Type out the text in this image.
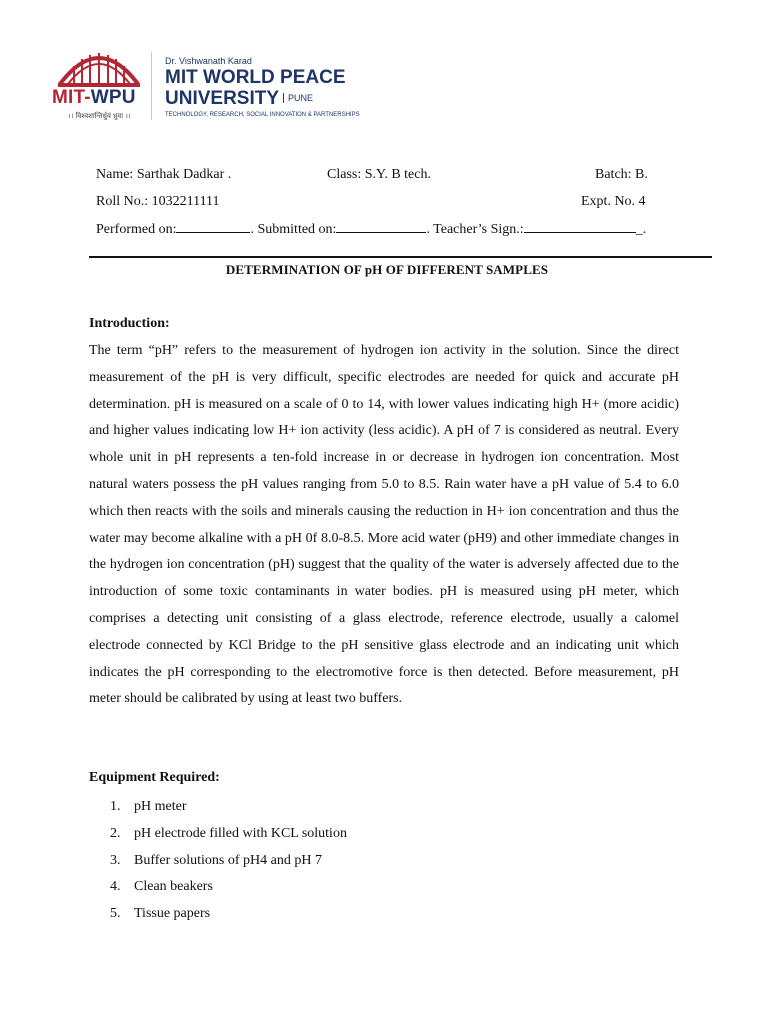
MIT-WPU
।। विश्वशान्तिर्ध्रुवं ध्रुवा ।।
Dr. Vishwanath Karad
MIT WORLD PEACE
UNIVERSITY PUNE
TECHNOLOGY, RESEARCH, SOCIAL INNOVATION & PARTNERSHIPS
Name: Sarthak Dadkar .	Class: S.Y. B tech.	Batch: B.
Roll No.: 1032211111	Expt. No. 4
Performed on:	. Submitted on:	. Teacher’s Sign.:	_.
DETERMINATION OF pH OF DIFFERENT SAMPLES
Introduction:
The term “pH” refers to the measurement of hydrogen ion activity in the solution. Since the direct measurement of the pH is very difficult, specific electrodes are needed for quick and accurate pH determination. pH is measured on a scale of 0 to 14, with lower values indicating high H+ (more acidic) and higher values indicating low H+ ion activity (less acidic). A pH of 7 is considered as neutral. Every whole unit in pH represents a ten-fold increase in or decrease in hydrogen ion concentration. Most natural waters possess the pH values ranging from 5.0 to 8.5. Rain water have a pH value of 5.4 to 6.0 which then reacts with the soils and minerals causing the reduction in H+ ion concentration and thus the water may become alkaline with a pH 0f 8.0-8.5. More acid water (pH9) and other immediate changes in the hydrogen ion concentration (pH) suggest that the quality of the water is adversely affected due to the introduction of some toxic contaminants in water bodies. pH is measured using pH meter, which comprises a detecting unit consisting of a glass electrode, reference electrode, usually a calomel electrode connected by KCl Bridge to the pH sensitive glass electrode and an indicating unit which indicates the pH corresponding to the electromotive force is then detected. Before measurement, pH meter should be calibrated by using at least two buffers.
Equipment Required:
1. pH meter
2. pH electrode filled with KCL solution
3. Buffer solutions of pH4 and pH 7
4. Clean beakers
5. Tissue papers
